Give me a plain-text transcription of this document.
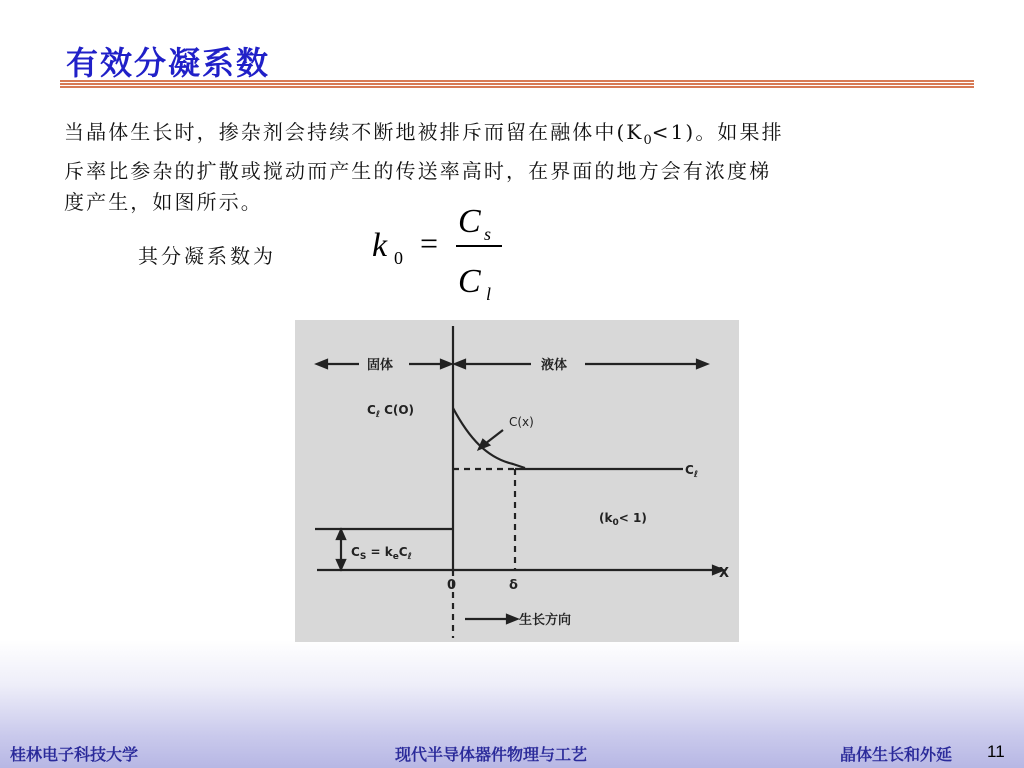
有效分凝系数
当晶体生长时，掺杂剂会持续不断地被排斥而留在融体中$(K_0<1)$。如果排
斥率比参杂的扩散或搅动而产生的传送率高时，在界面的地方会有浓度梯
度产生，如图所示。
其分凝系数为	k 0 =
C s
C l
固体	液体
$C_\ell$ C(O)
C(x)
$C_\ell$
$(k_0< 1)$
$C_S = k_eC_\ell$
0	δ
X
生长方向
桂林电子科技大学	现代半导体器件物理与工艺	晶体生长和外延 11
